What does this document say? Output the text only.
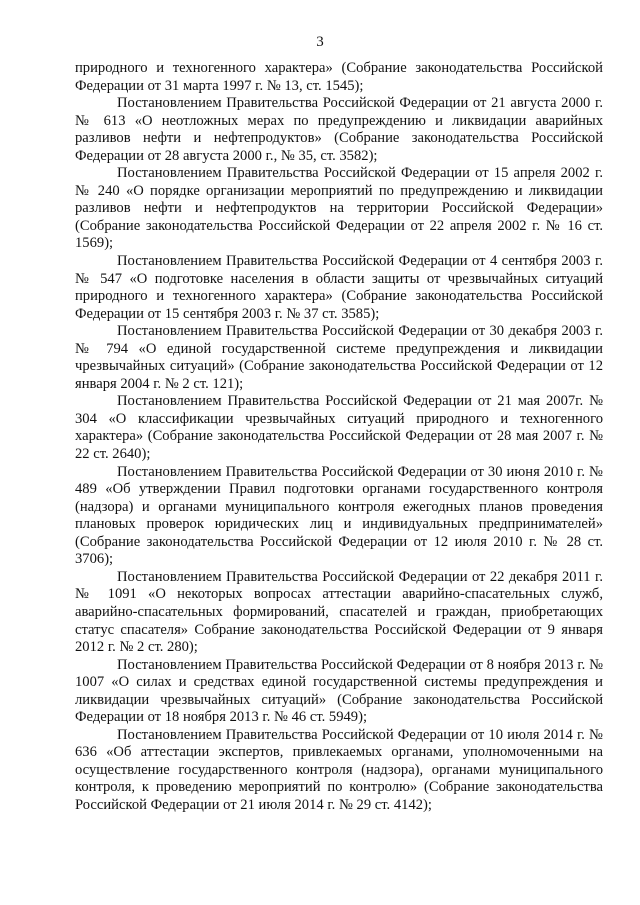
3

природного и техногенного характера» (Собрание законодательства Российской Федерации от 31 марта 1997 г. № 13, ст. 1545);

Постановлением Правительства Российской Федерации от 21 августа 2000 г. № 613 «О неотложных мерах по предупреждению и ликвидации аварийных разливов нефти и нефтепродуктов» (Собрание законодательства Российской Федерации от 28 августа 2000 г., № 35, ст. 3582);

Постановлением Правительства Российской Федерации от 15 апреля 2002 г. № 240 «О порядке организации мероприятий по предупреждению и ликвидации разливов нефти и нефтепродуктов на территории Российской Федерации» (Собрание законодательства Российской Федерации от 22 апреля 2002 г. № 16 ст. 1569);

Постановлением Правительства Российской Федерации от 4 сентября 2003 г. № 547 «О подготовке населения в области защиты от чрезвычайных ситуаций природного и техногенного характера» (Собрание законодательства Российской Федерации от 15 сентября 2003 г. № 37 ст. 3585);

Постановлением Правительства Российской Федерации от 30 декабря 2003 г. № 794 «О единой государственной системе предупреждения и ликвидации чрезвычайных ситуаций» (Собрание законодательства Российской Федерации от 12 января 2004 г. № 2 ст. 121);

Постановлением Правительства Российской Федерации от 21 мая 2007г. № 304 «О классификации чрезвычайных ситуаций природного и техногенного характера» (Собрание законодательства Российской Федерации от 28 мая 2007 г. № 22 ст. 2640);

Постановлением Правительства Российской Федерации от 30 июня 2010 г. № 489 «Об утверждении Правил подготовки органами государственного контроля (надзора) и органами муниципального контроля ежегодных планов проведения плановых проверок юридических лиц и индивидуальных предпринимателей» (Собрание законодательства Российской Федерации от 12 июля 2010 г. № 28 ст. 3706);

Постановлением Правительства Российской Федерации от 22 декабря 2011 г. № 1091 «О некоторых вопросах аттестации аварийно-спасательных служб, аварийно-спасательных формирований, спасателей и граждан, приобретающих статус спасателя» Собрание законодательства Российской Федерации от 9 января 2012 г. № 2 ст. 280);

Постановлением Правительства Российской Федерации от 8 ноября 2013 г. № 1007 «О силах и средствах единой государственной системы предупреждения и ликвидации чрезвычайных ситуаций» (Собрание законодательства Российской Федерации от 18 ноября 2013 г. № 46 ст. 5949);

Постановлением Правительства Российской Федерации от 10 июля 2014 г. № 636 «Об аттестации экспертов, привлекаемых органами, уполномоченными на осуществление государственного контроля (надзора), органами муниципального контроля, к проведению мероприятий по контролю» (Собрание законодательства Российской Федерации от 21 июля 2014 г. № 29 ст. 4142);
